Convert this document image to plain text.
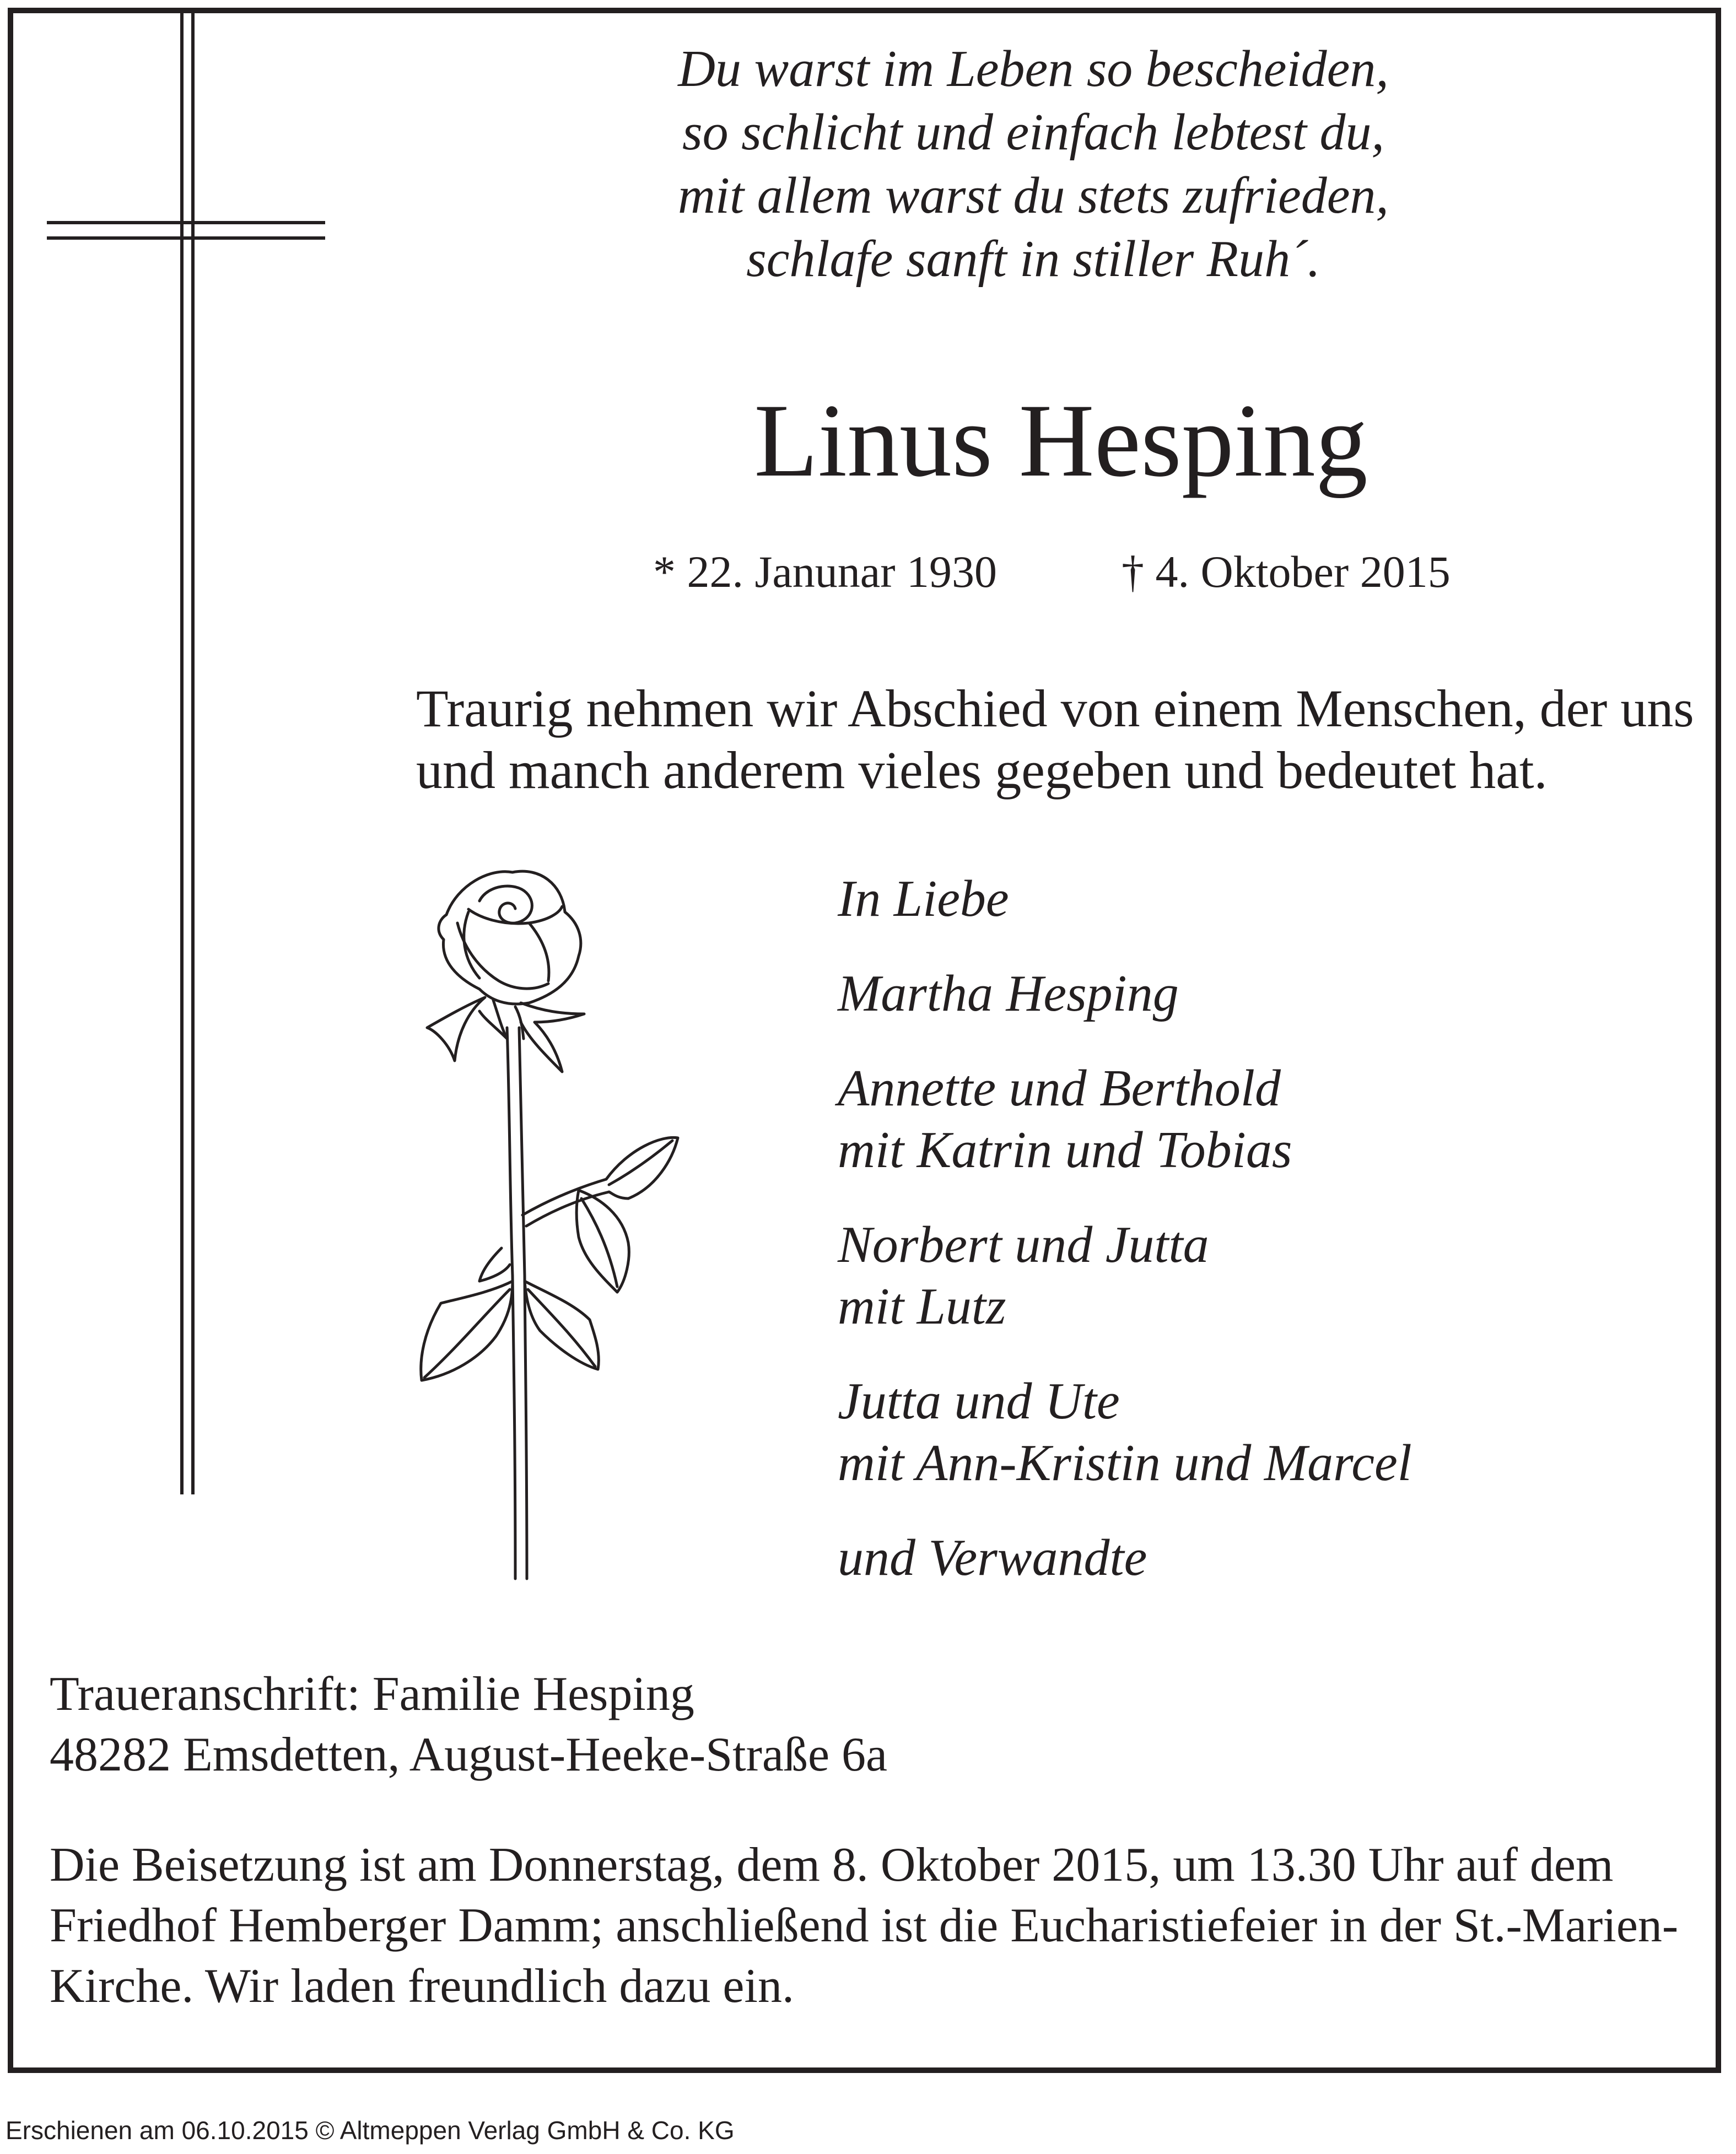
Du warst im Leben so bescheiden,
so schlicht und einfach lebtest du,
mit allem warst du stets zufrieden,
schlafe sanft in stiller Ruh´.
Linus Hesping
* 22. Janunar 1930	† 4. Oktober 2015
Traurig nehmen wir Abschied von einem Menschen, der uns
und manch anderem vieles gegeben und bedeutet hat.
In Liebe
Martha Hesping
Annette und Berthold
mit Katrin und Tobias
Norbert und Jutta
mit Lutz
Jutta und Ute
mit Ann-Kristin und Marcel
und Verwandte
Traueranschrift: Familie Hesping
48282 Emsdetten, August-Heeke-Straße 6a
Die Beisetzung ist am Donnerstag, dem 8. Oktober 2015, um 13.30 Uhr auf dem
Friedhof Hemberger Damm; anschließend ist die Eucharistiefeier in der St.-Marien-
Kirche. Wir laden freundlich dazu ein.
Erschienen am 06.10.2015 © Altmeppen Verlag GmbH & Co. KG
